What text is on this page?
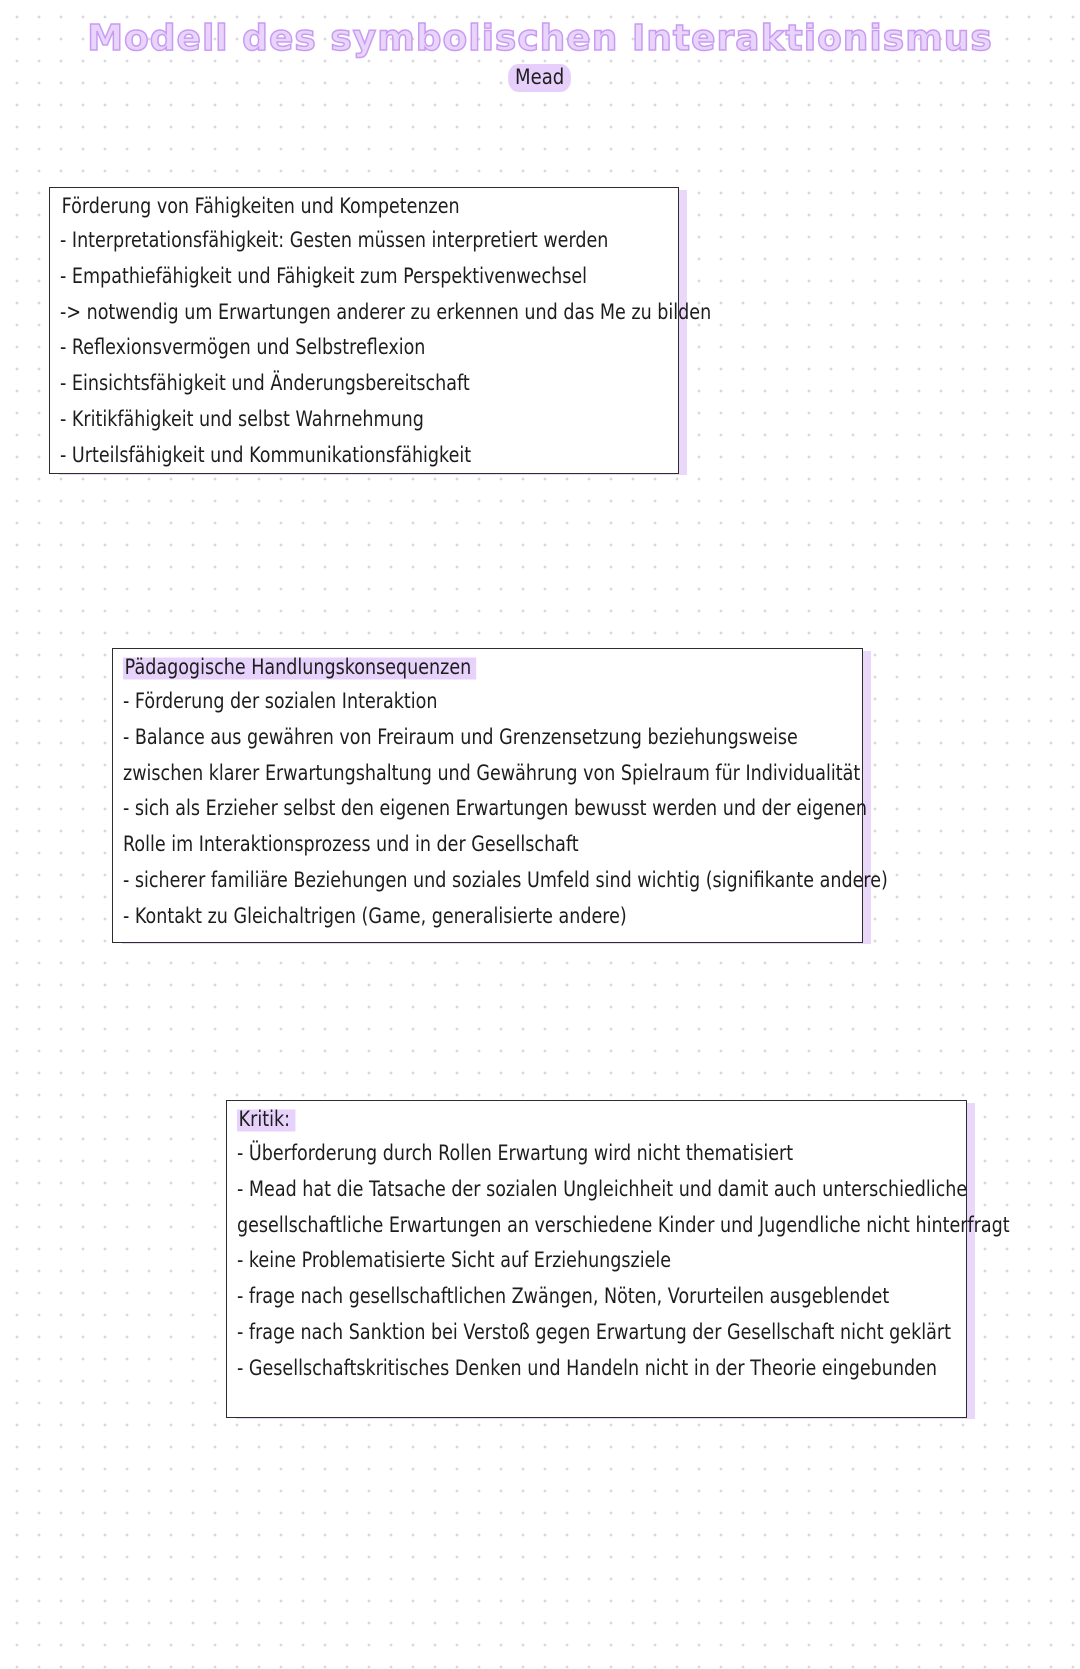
Modell des symbolischen Interaktionismus
Mead
Förderung von Fähigkeiten und Kompetenzen
- Interpretationsfähigkeit: Gesten müssen interpretiert werden
- Empathiefähigkeit und Fähigkeit zum Perspektivenwechsel
-> notwendig um Erwartungen anderer zu erkennen und das Me zu bilden
- Reflexionsvermögen und Selbstreflexion
- Einsichtsfähigkeit und Änderungsbereitschaft
- Kritikfähigkeit und selbst Wahrnehmung
- Urteilsfähigkeit und Kommunikationsfähigkeit
Pädagogische Handlungskonsequenzen
- Förderung der sozialen Interaktion
- Balance aus gewähren von Freiraum und Grenzensetzung beziehungsweise
zwischen klarer Erwartungshaltung und Gewährung von Spielraum für Individualität
- sich als Erzieher selbst den eigenen Erwartungen bewusst werden und der eigenen
Rolle im Interaktionsprozess und in der Gesellschaft
- sicherer familiäre Beziehungen und soziales Umfeld sind wichtig (signifikante andere)
- Kontakt zu Gleichaltrigen (Game, generalisierte andere)
Kritik:
- Überforderung durch Rollen Erwartung wird nicht thematisiert
- Mead hat die Tatsache der sozialen Ungleichheit und damit auch unterschiedliche
gesellschaftliche Erwartungen an verschiedene Kinder und Jugendliche nicht hinterfragt
- keine Problematisierte Sicht auf Erziehungsziele
- frage nach gesellschaftlichen Zwängen, Nöten, Vorurteilen ausgeblendet
- frage nach Sanktion bei Verstoß gegen Erwartung der Gesellschaft nicht geklärt
- Gesellschaftskritisches Denken und Handeln nicht in der Theorie eingebunden
